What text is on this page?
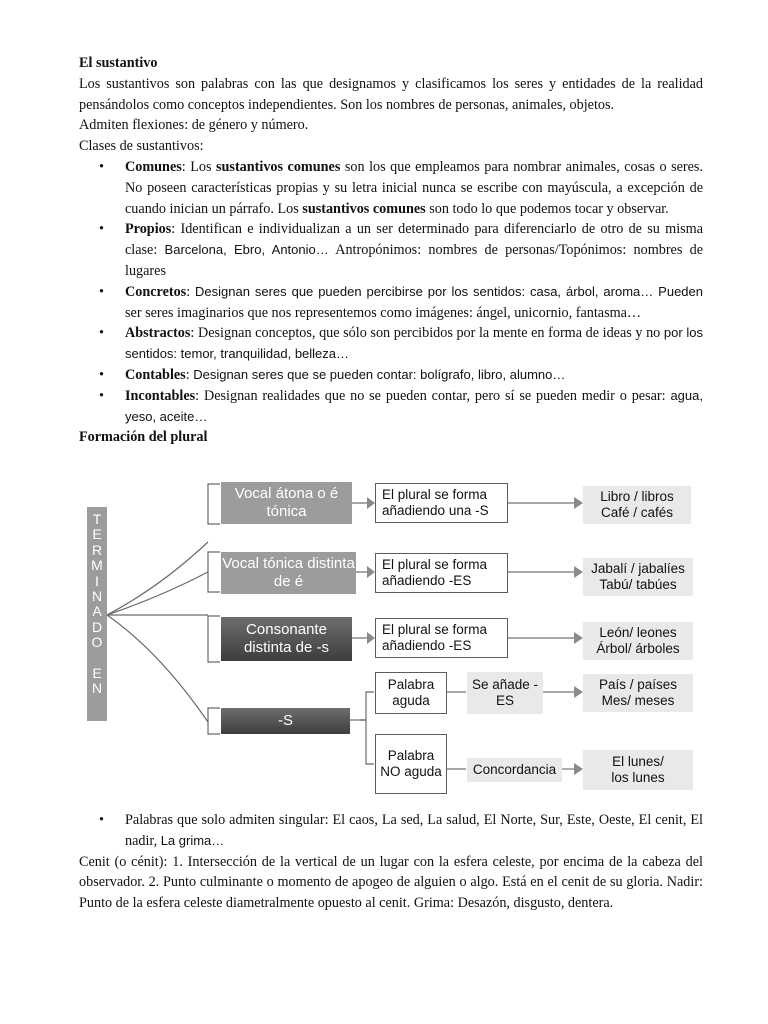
El sustantivo

Los sustantivos son palabras con las que designamos y clasificamos los seres y entidades de la realidad pensándolos como conceptos independientes. Son los nombres de personas, animales, objetos.

Admiten flexiones: de género y número.

Clases de sustantivos:

• Comunes: Los sustantivos comunes son los que empleamos para nombrar animales, cosas o seres. No poseen características propias y su letra inicial nunca se escribe con mayúscula, a excepción de cuando inician un párrafo. Los sustantivos comunes son todo lo que podemos tocar y observar.
• Propios: Identifican e individualizan a un ser determinado para diferenciarlo de otro de su misma clase: Barcelona, Ebro, Antonio… Antropónimos: nombres de personas/Topónimos: nombres de lugares
• Concretos: Designan seres que pueden percibirse por los sentidos: casa, árbol, aroma… Pueden ser seres imaginarios que nos representemos como imágenes: ángel, unicornio, fantasma…
• Abstractos: Designan conceptos, que sólo son percibidos por la mente en forma de ideas y no por los sentidos: temor, tranquilidad, belleza…
• Contables: Designan seres que se pueden contar: bolígrafo, libro, alumno…
• Incontables: Designan realidades que no se pueden contar, pero sí se pueden medir o pesar: agua, yeso, aceite…

Formación del plural

T
E
R
M
I
N
A
D
O
E
N
Vocal átona o é tónica
Vocal tónica distinta de é
Consonante distinta de -s
-S
El plural se forma añadiendo una -S
El plural se forma añadiendo -ES
El plural se forma añadiendo -ES
Palabra aguda
Palabra NO aguda
Se añade -ES
Concordancia
Libro / libros
Café / cafés
Jabalí / jabalíes
Tabú/ tabúes
León/ leones
Árbol/ árboles
País / países
Mes/ meses
El lunes/
los lunes
• Palabras que solo admiten singular: El caos, La sed, La salud, El Norte, Sur, Este, Oeste, El cenit, El nadir, La grima…

Cenit (o cénit): 1. Intersección de la vertical de un lugar con la esfera celeste, por encima de la cabeza del observador. 2. Punto culminante o momento de apogeo de alguien o algo. Está en el cenit de su gloria. Nadir: Punto de la esfera celeste diametralmente opuesto al cenit. Grima: Desazón, disgusto, dentera.
